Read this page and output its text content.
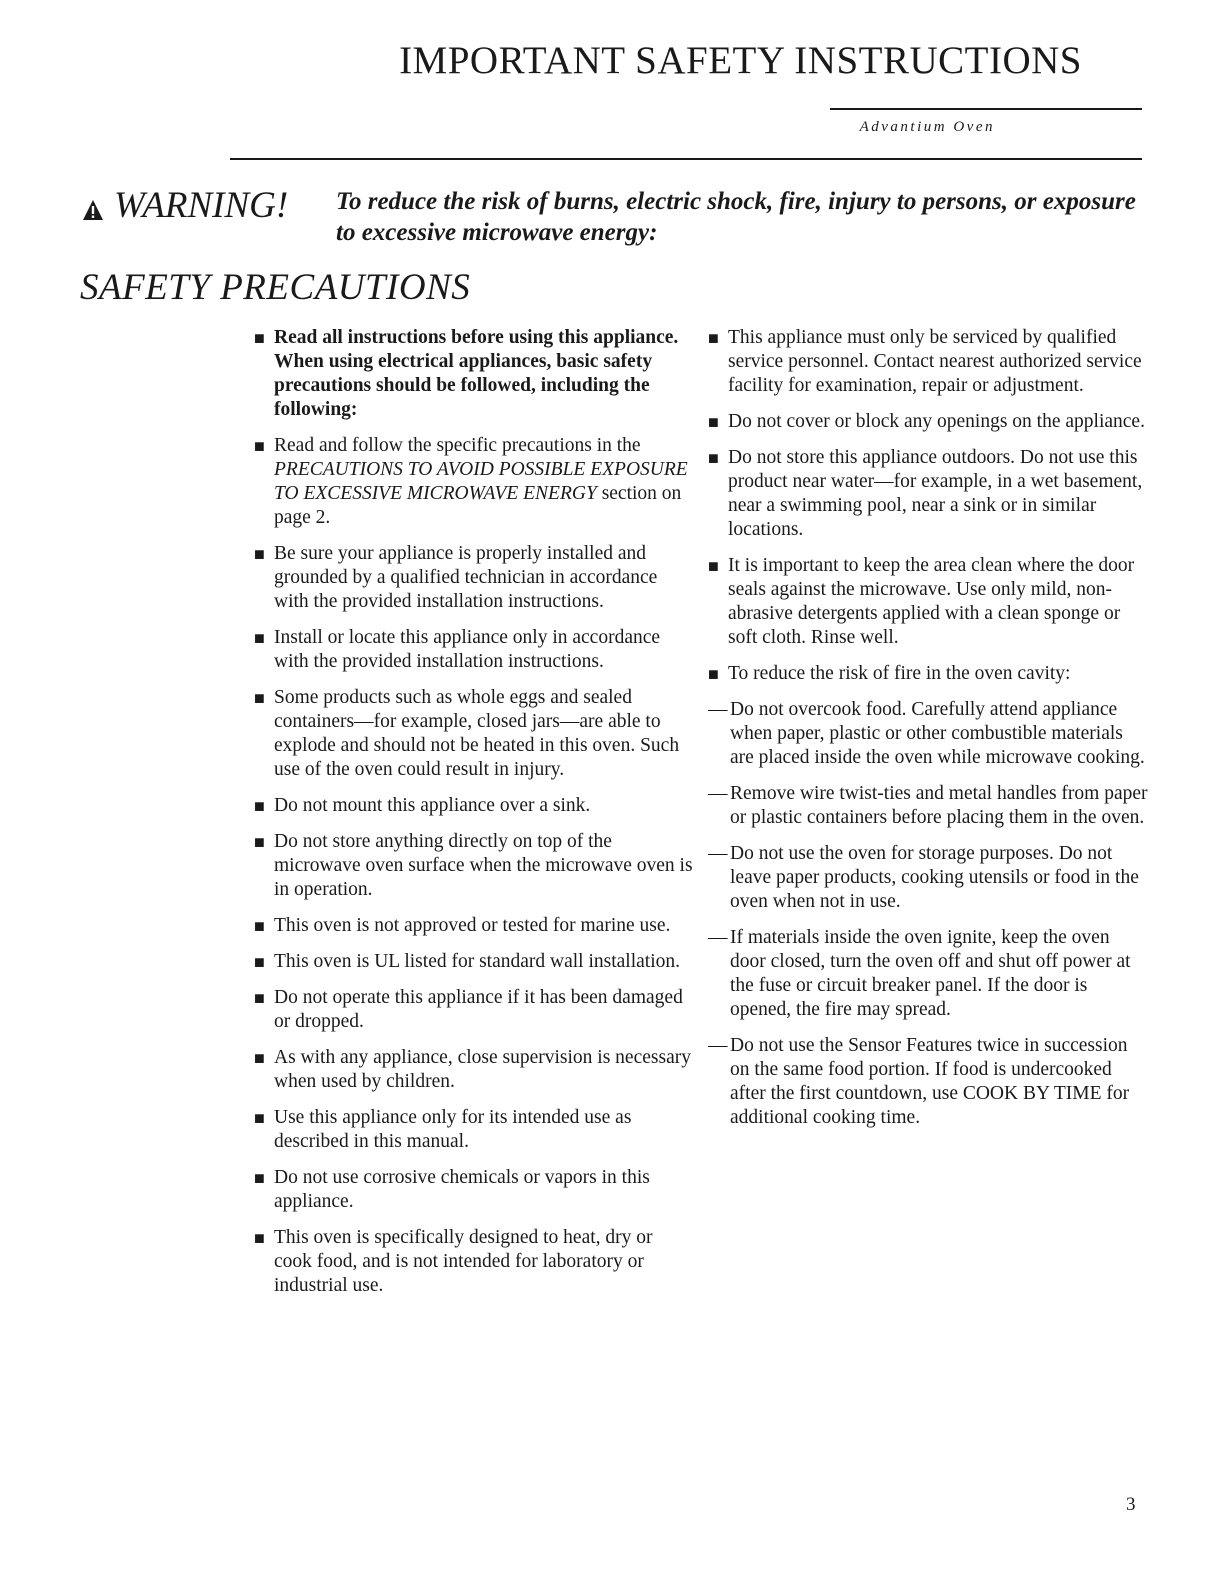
IMPORTANT SAFETY INSTRUCTIONS
Advantium Oven
WARNING! To reduce the risk of burns, electric shock, fire, injury to persons, or exposure to excessive microwave energy:
SAFETY PRECAUTIONS
■ Read all instructions before using this appliance. When using electrical appliances, basic safety precautions should be followed, including the following:
■ Read and follow the specific precautions in the PRECAUTIONS TO AVOID POSSIBLE EXPOSURE TO EXCESSIVE MICROWAVE ENERGY section on page 2.
■ Be sure your appliance is properly installed and grounded by a qualified technician in accordance with the provided installation instructions.
■ Install or locate this appliance only in accordance with the provided installation instructions.
■ Some products such as whole eggs and sealed containers—for example, closed jars—are able to explode and should not be heated in this oven. Such use of the oven could result in injury.
■ Do not mount this appliance over a sink.
■ Do not store anything directly on top of the microwave oven surface when the microwave oven is in operation.
■ This oven is not approved or tested for marine use.
■ This oven is UL listed for standard wall installation.
■ Do not operate this appliance if it has been damaged or dropped.
■ As with any appliance, close supervision is necessary when used by children.
■ Use this appliance only for its intended use as described in this manual.
■ Do not use corrosive chemicals or vapors in this appliance.
■ This oven is specifically designed to heat, dry or cook food, and is not intended for laboratory or industrial use.
■ This appliance must only be serviced by qualified service personnel. Contact nearest authorized service facility for examination, repair or adjustment.
■ Do not cover or block any openings on the appliance.
■ Do not store this appliance outdoors. Do not use this product near water—for example, in a wet basement, near a swimming pool, near a sink or in similar locations.
■ It is important to keep the area clean where the door seals against the microwave. Use only mild, non-abrasive detergents applied with a clean sponge or soft cloth. Rinse well.
■ To reduce the risk of fire in the oven cavity:
— Do not overcook food. Carefully attend appliance when paper, plastic or other combustible materials are placed inside the oven while microwave cooking.
— Remove wire twist-ties and metal handles from paper or plastic containers before placing them in the oven.
— Do not use the oven for storage purposes. Do not leave paper products, cooking utensils or food in the oven when not in use.
— If materials inside the oven ignite, keep the oven door closed, turn the oven off and shut off power at the fuse or circuit breaker panel. If the door is opened, the fire may spread.
— Do not use the Sensor Features twice in succession on the same food portion. If food is undercooked after the first countdown, use COOK BY TIME for additional cooking time.
3
